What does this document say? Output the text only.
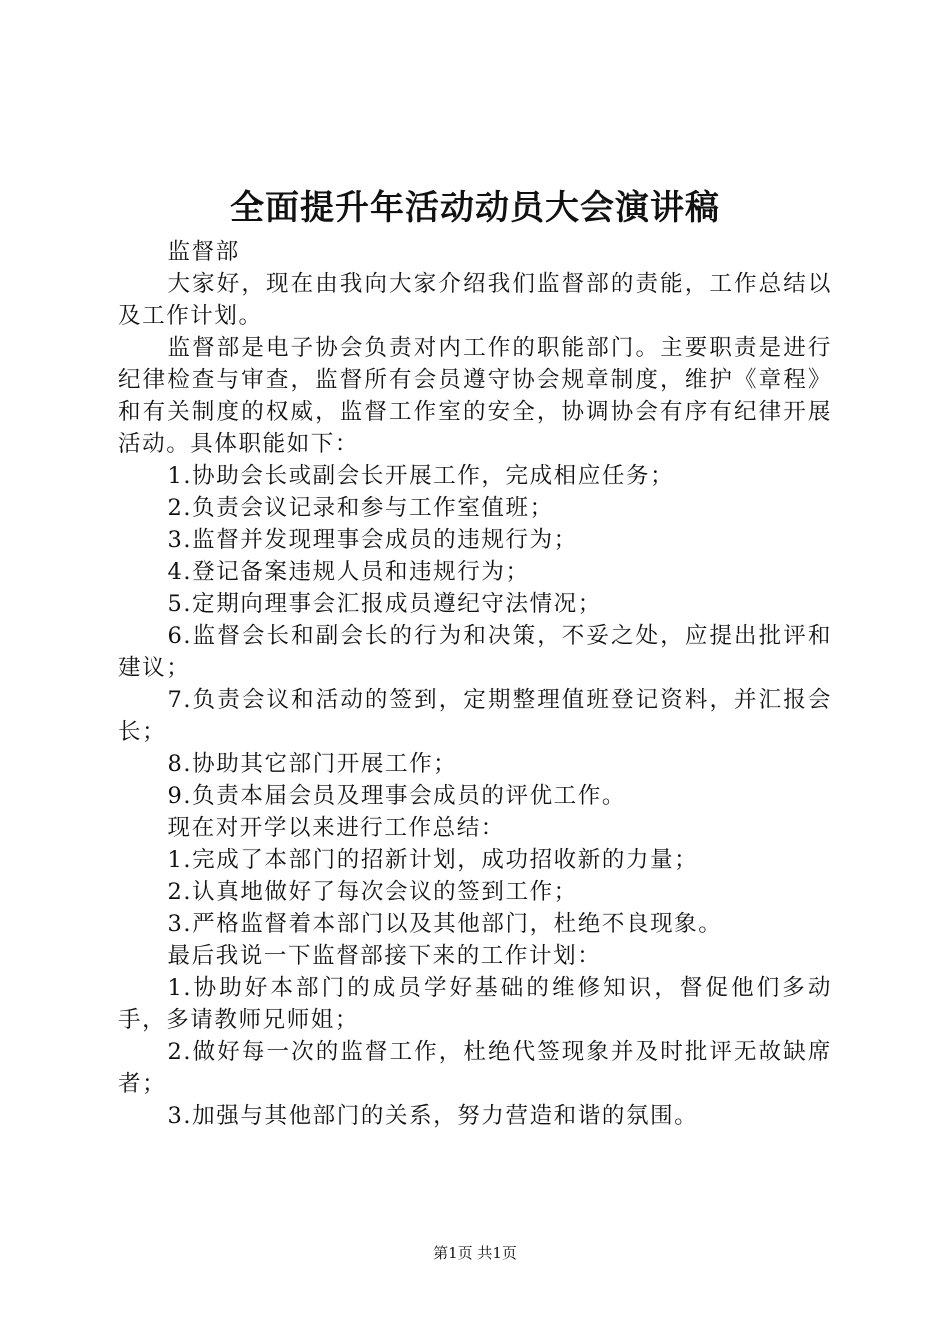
全面提升年活动动员大会演讲稿

监督部

大家好，现在由我向大家介绍我们监督部的责能，工作总结以及工作计划。

监督部是电子协会负责对内工作的职能部门。主要职责是进行纪律检查与审查，监督所有会员遵守协会规章制度，维护《章程》和有关制度的权威，监督工作室的安全，协调协会有序有纪律开展活动。具体职能如下：

1.协助会长或副会长开展工作，完成相应任务；

2.负责会议记录和参与工作室值班；

3.监督并发现理事会成员的违规行为；

4.登记备案违规人员和违规行为；

5.定期向理事会汇报成员遵纪守法情况；

6.监督会长和副会长的行为和决策，不妥之处，应提出批评和建议；

7.负责会议和活动的签到，定期整理值班登记资料，并汇报会长；

8.协助其它部门开展工作；

9.负责本届会员及理事会成员的评优工作。

现在对开学以来进行工作总结：

1.完成了本部门的招新计划，成功招收新的力量；

2.认真地做好了每次会议的签到工作；

3.严格监督着本部门以及其他部门，杜绝不良现象。

最后我说一下监督部接下来的工作计划：

1.协助好本部门的成员学好基础的维修知识，督促他们多动手，多请教师兄师姐；

2.做好每一次的监督工作，杜绝代签现象并及时批评无故缺席者；

3.加强与其他部门的关系，努力营造和谐的氛围。

第1页 共1页
